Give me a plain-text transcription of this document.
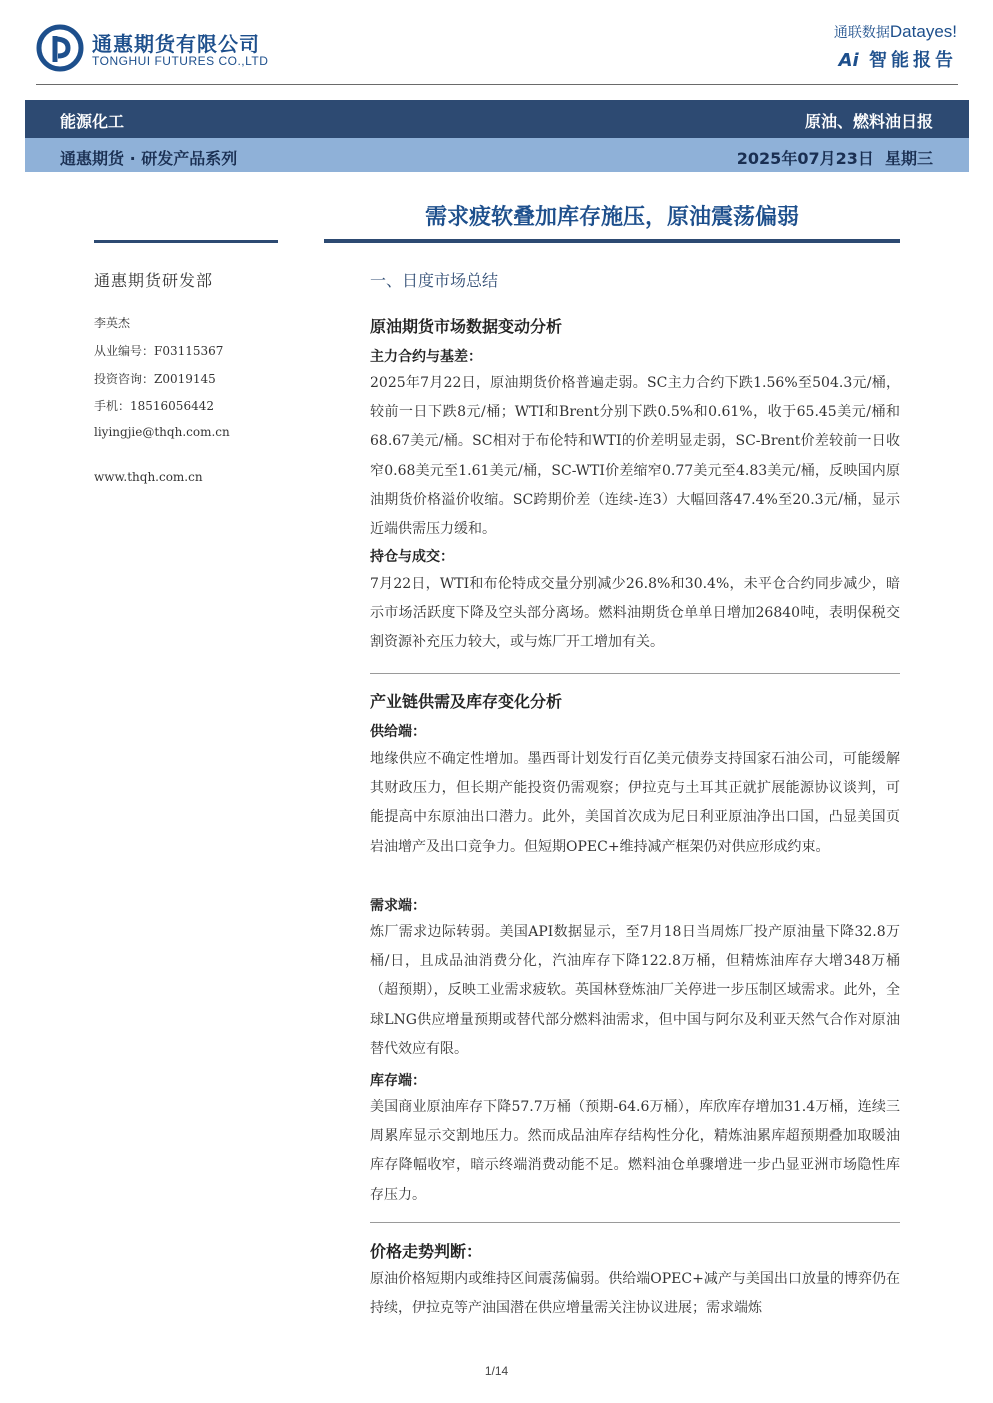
通惠期货有限公司
TONGHUI FUTURES CO.,LTD
通联数据Datayes!
Ai 智能报告
能源化工	原油、燃料油日报
通惠期货 · 研发产品系列	2025年07月23日  星期三
需求疲软叠加库存施压，原油震荡偏弱
通惠期货研发部
李英杰
从业编号：F03115367
投资咨询：Z0019145
手机：18516056442
liyingjie@thqh.com.cn
www.thqh.com.cn
一、日度市场总结
原油期货市场数据变动分析
主力合约与基差：
2025年7月22日，原油期货价格普遍走弱。SC主力合约下跌1.56%至504.3元/桶，较前一日下跌8元/桶；WTI和Brent分别下跌0.5%和0.61%，收于65.45美元/桶和68.67美元/桶。SC相对于布伦特和WTI的价差明显走弱，SC-Brent价差较前一日收窄0.68美元至1.61美元/桶，SC-WTI价差缩窄0.77美元至4.83美元/桶，反映国内原油期货价格溢价收缩。SC跨期价差（连续-连3）大幅回落47.4%至20.3元/桶，显示近端供需压力缓和。
持仓与成交：
7月22日，WTI和布伦特成交量分别减少26.8%和30.4%，未平仓合约同步减少，暗示市场活跃度下降及空头部分离场。燃料油期货仓单单日增加26840吨，表明保税交割资源补充压力较大，或与炼厂开工增加有关。
产业链供需及库存变化分析
供给端：
地缘供应不确定性增加。墨西哥计划发行百亿美元债券支持国家石油公司，可能缓解其财政压力，但长期产能投资仍需观察；伊拉克与土耳其正就扩展能源协议谈判，可能提高中东原油出口潜力。此外，美国首次成为尼日利亚原油净出口国，凸显美国页岩油增产及出口竞争力。但短期OPEC+维持减产框架仍对供应形成约束。
需求端：
炼厂需求边际转弱。美国API数据显示，至7月18日当周炼厂投产原油量下降32.8万桶/日，且成品油消费分化，汽油库存下降122.8万桶，但精炼油库存大增348万桶（超预期），反映工业需求疲软。英国林登炼油厂关停进一步压制区域需求。此外，全球LNG供应增量预期或替代部分燃料油需求，但中国与阿尔及利亚天然气合作对原油替代效应有限。
库存端：
美国商业原油库存下降57.7万桶（预期-64.6万桶），库欣库存增加31.4万桶，连续三周累库显示交割地压力。然而成品油库存结构性分化，精炼油累库超预期叠加取暖油库存降幅收窄，暗示终端消费动能不足。燃料油仓单骤增进一步凸显亚洲市场隐性库存压力。
价格走势判断：
原油价格短期内或维持区间震荡偏弱。供给端OPEC+减产与美国出口放量的博弈仍在持续，伊拉克等产油国潜在供应增量需关注协议进展；需求端炼
1/14
